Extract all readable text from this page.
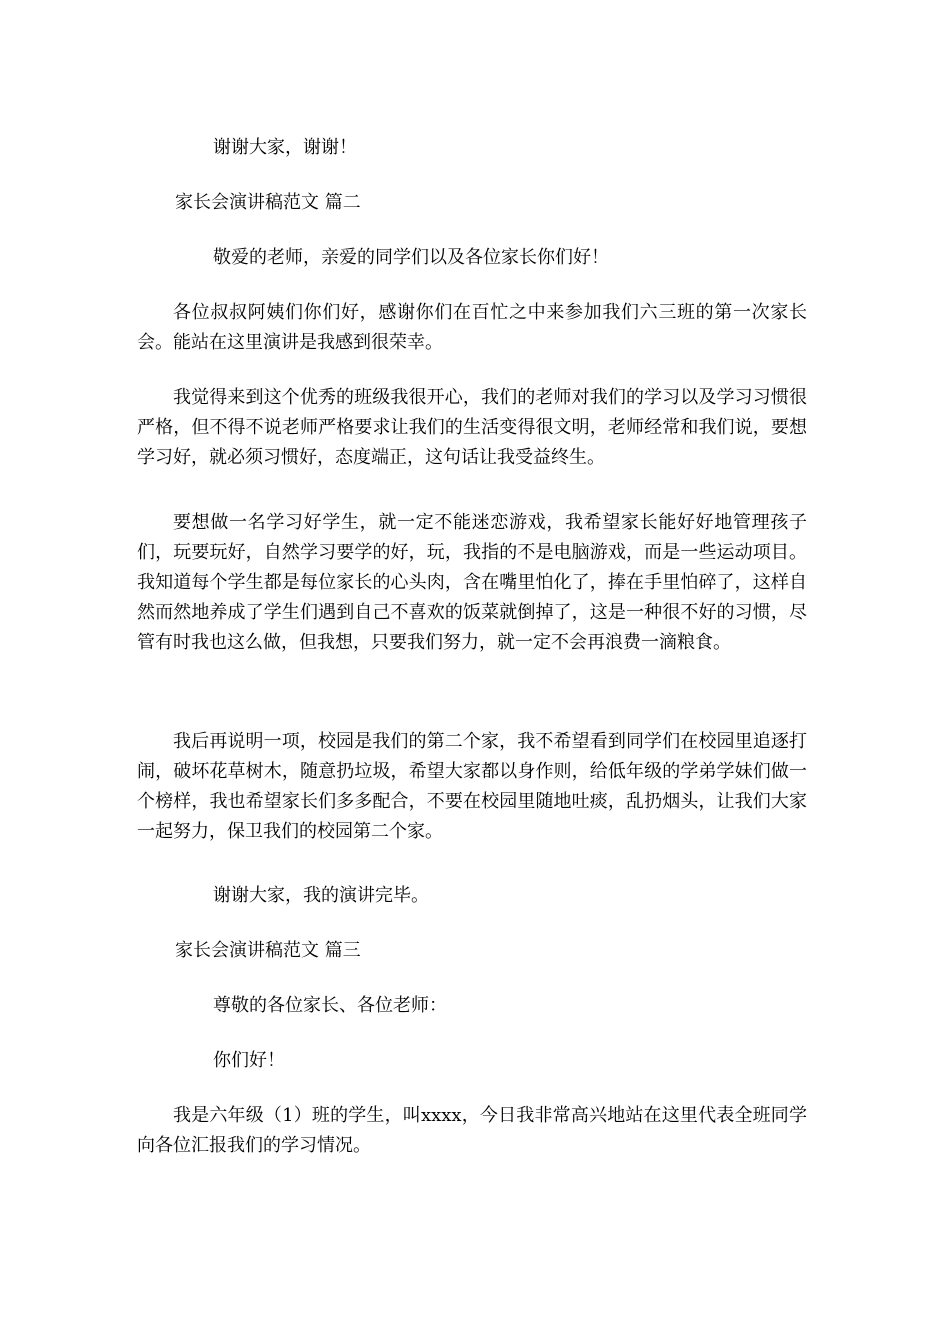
谢谢大家，谢谢！

家长会演讲稿范文 篇二

敬爱的老师，亲爱的同学们以及各位家长你们好！

各位叔叔阿姨们你们好，感谢你们在百忙之中来参加我们六三班的第一次家长会。能站在这里演讲是我感到很荣幸。

我觉得来到这个优秀的班级我很开心，我们的老师对我们的学习以及学习习惯很严格，但不得不说老师严格要求让我们的生活变得很文明，老师经常和我们说，要想学习好，就必须习惯好，态度端正，这句话让我受益终生。

要想做一名学习好学生，就一定不能迷恋游戏，我希望家长能好好地管理孩子们，玩要玩好，自然学习要学的好，玩，我指的不是电脑游戏，而是一些运动项目。我知道每个学生都是每位家长的心头肉，含在嘴里怕化了，捧在手里怕碎了，这样自然而然地养成了学生们遇到自己不喜欢的饭菜就倒掉了，这是一种很不好的习惯，尽管有时我也这么做，但我想，只要我们努力，就一定不会再浪费一滴粮食。

我后再说明一项，校园是我们的第二个家，我不希望看到同学们在校园里追逐打闹，破坏花草树木，随意扔垃圾，希望大家都以身作则，给低年级的学弟学妹们做一个榜样，我也希望家长们多多配合，不要在校园里随地吐痰，乱扔烟头，让我们大家一起努力，保卫我们的校园第二个家。

谢谢大家，我的演讲完毕。

家长会演讲稿范文 篇三

尊敬的各位家长、各位老师：

你们好！

我是六年级（1）班的学生，叫xxxx，今日我非常高兴地站在这里代表全班同学向各位汇报我们的学习情况。
